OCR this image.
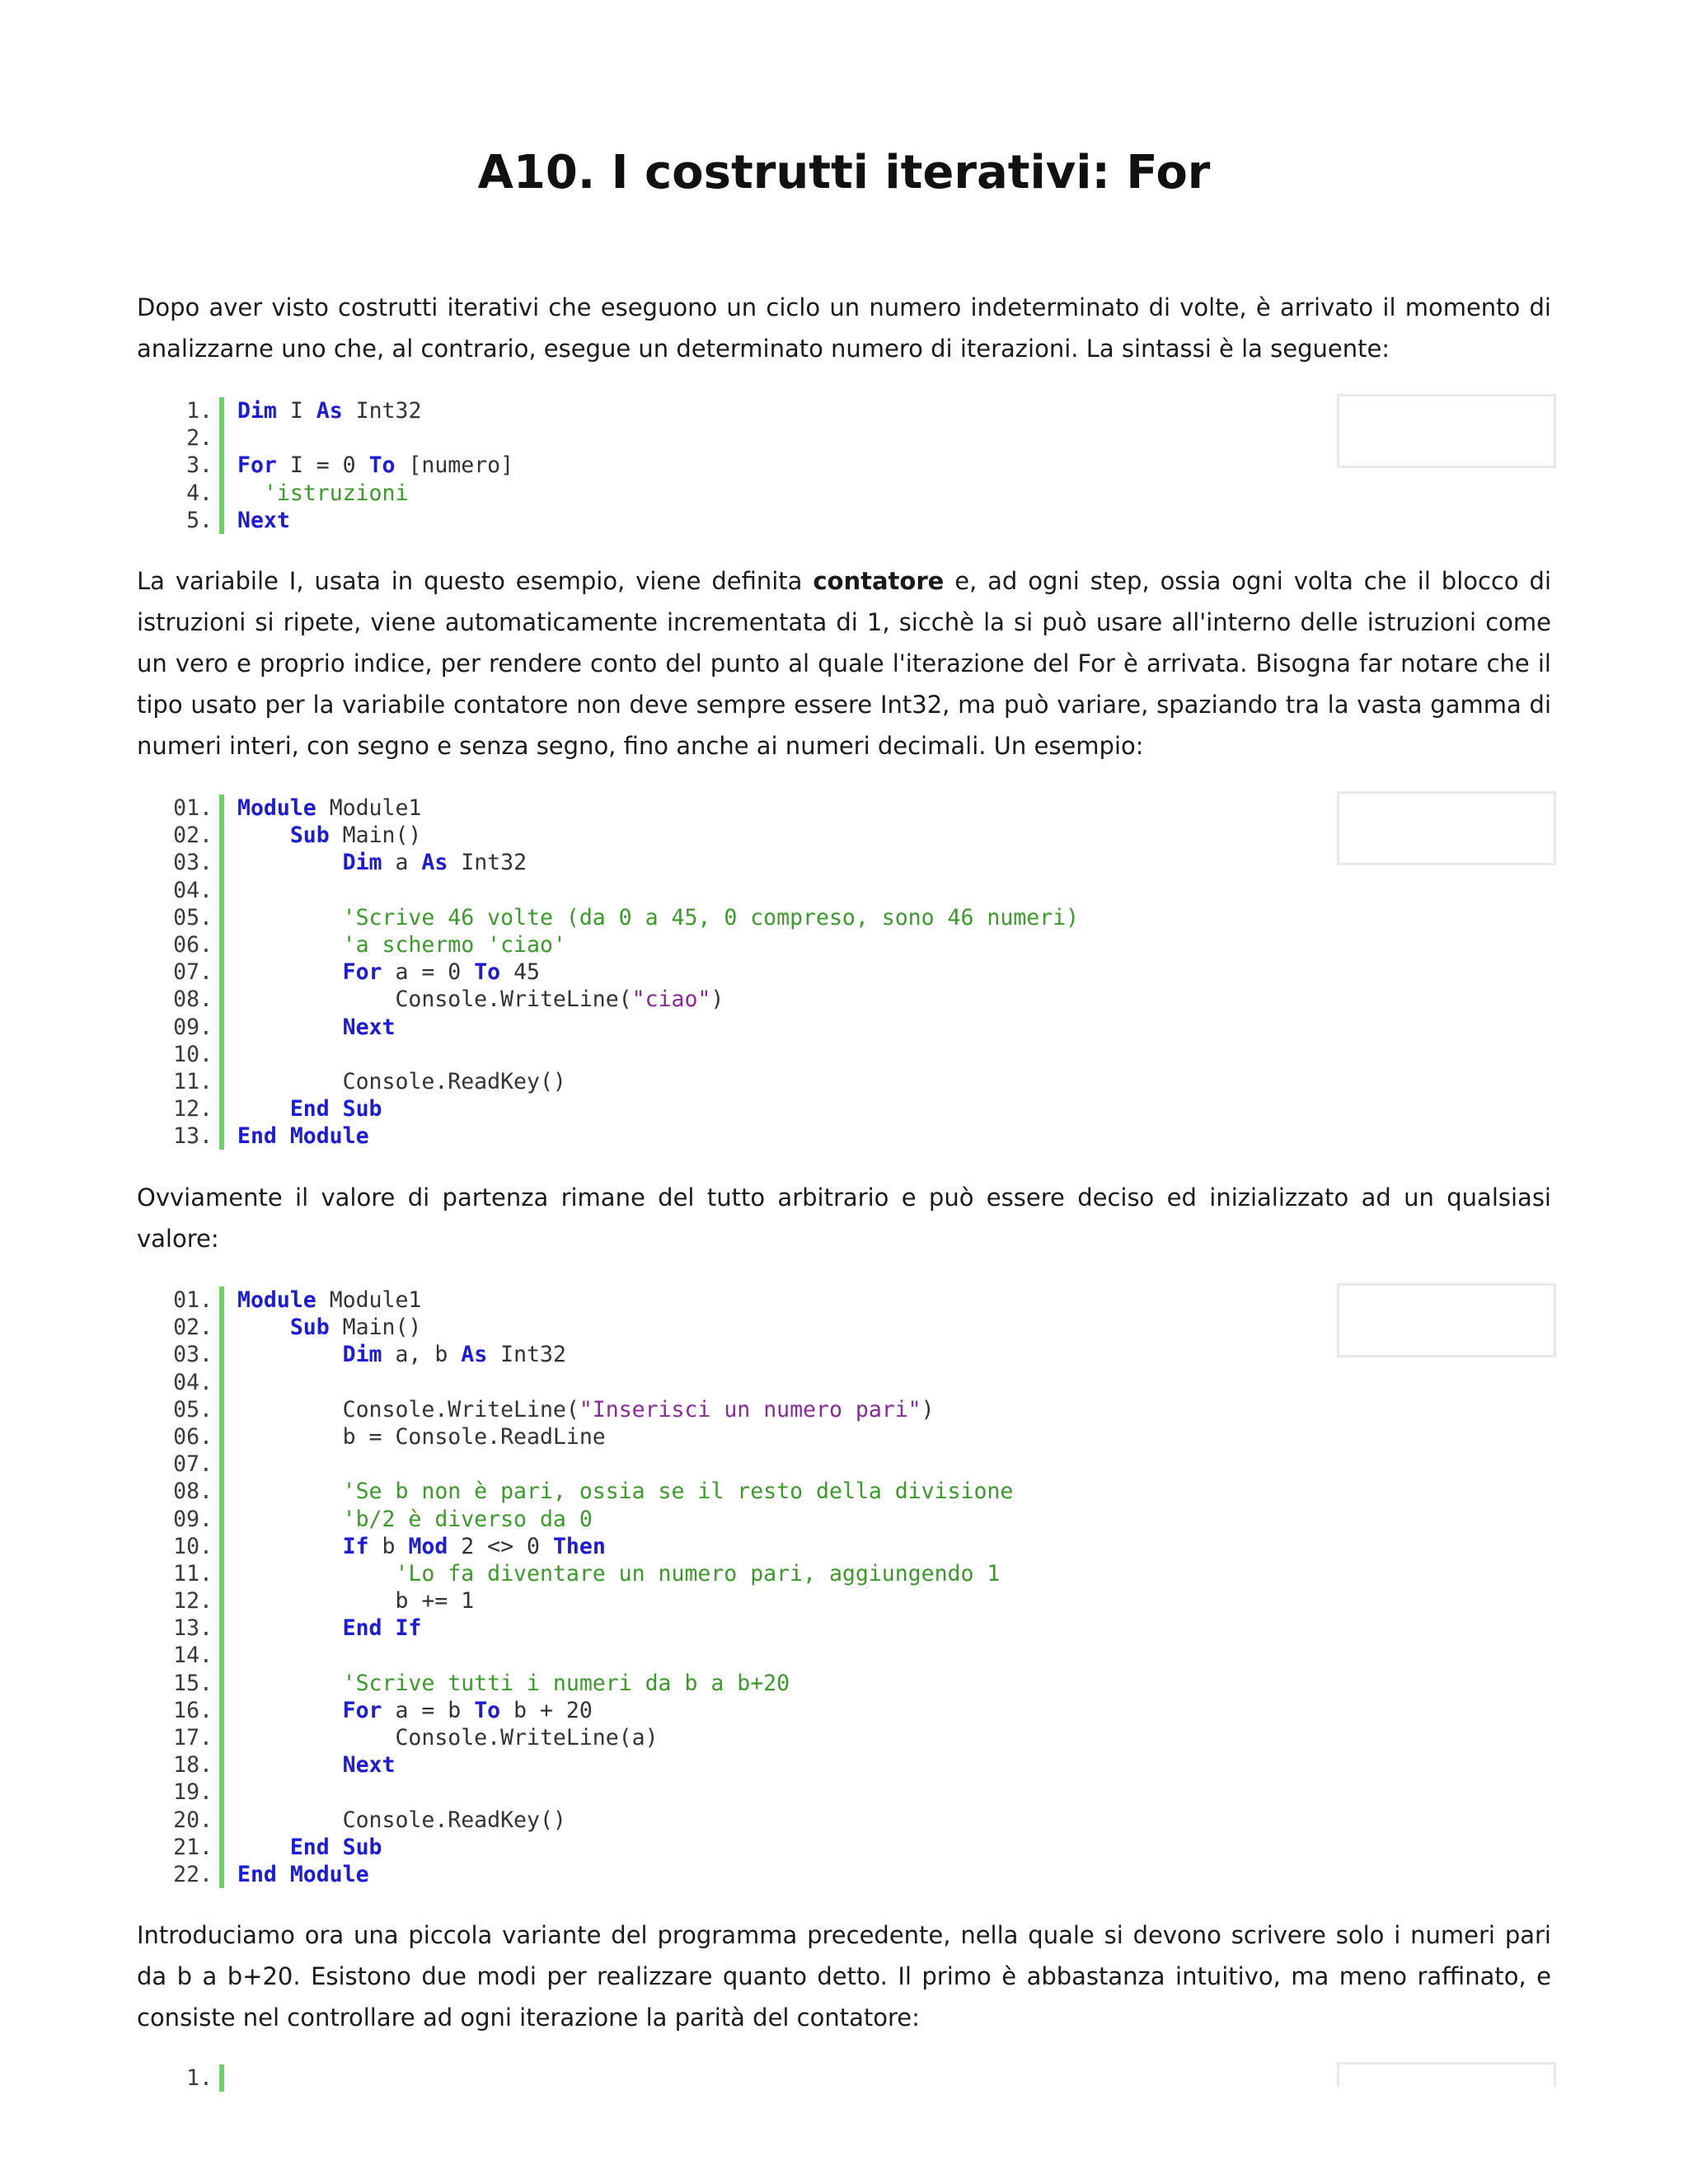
A10. I costrutti iterativi: For

Dopo aver visto costrutti iterativi che eseguono un ciclo un numero indeterminato di volte, è arrivato il momento di analizzarne uno che, al contrario, esegue un determinato numero di iterazioni. La sintassi è la seguente:

1. Dim I As Int32
2.
3. For I = 0 To [numero]
4.	'istruzioni
5. Next

La variabile I, usata in questo esempio, viene definita contatore e, ad ogni step, ossia ogni volta che il blocco di istruzioni si ripete, viene automaticamente incrementata di 1, sicchè la si può usare all'interno delle istruzioni come un vero e proprio indice, per rendere conto del punto al quale l'iterazione del For è arrivata. Bisogna far notare che il tipo usato per la variabile contatore non deve sempre essere Int32, ma può variare, spaziando tra la vasta gamma di numeri interi, con segno e senza segno, fino anche ai numeri decimali. Un esempio:

01. Module Module1
02.	Sub Main()
03.	Dim a As Int32
04.
05.	'Scrive 46 volte (da 0 a 45, 0 compreso, sono 46 numeri)
06.	'a schermo 'ciao'
07.	For a = 0 To 45
08. Console.WriteLine("ciao")
09.	Next
10.
11. Console.ReadKey()
12.	End Sub
13. End Module

Ovviamente il valore di partenza rimane del tutto arbitrario e può essere deciso ed inizializzato ad un qualsiasi valore:

01. Module Module1
02.	Sub Main()
03.	Dim a, b As Int32
04.
05. Console.WriteLine("Inserisci un numero pari")
06. b = Console.ReadLine
07.
08.	'Se b non è pari, ossia se il resto della divisione
09.	'b/2 è diverso da 0
10.	If b Mod 2 <> 0 Then
11.	'Lo fa diventare un numero pari, aggiungendo 1
12. b += 1
13.	End If
14.
15.	'Scrive tutti i numeri da b a b+20
16.	For a = b To b + 20
17. Console.WriteLine(a)
18.	Next
19.
20. Console.ReadKey()
21.	End Sub
22. End Module

Introduciamo ora una piccola variante del programma precedente, nella quale si devono scrivere solo i numeri pari da b a b+20. Esistono due modi per realizzare quanto detto. Il primo è abbastanza intuitivo, ma meno raffinato, e consiste nel controllare ad ogni iterazione la parità del contatore:

1.
